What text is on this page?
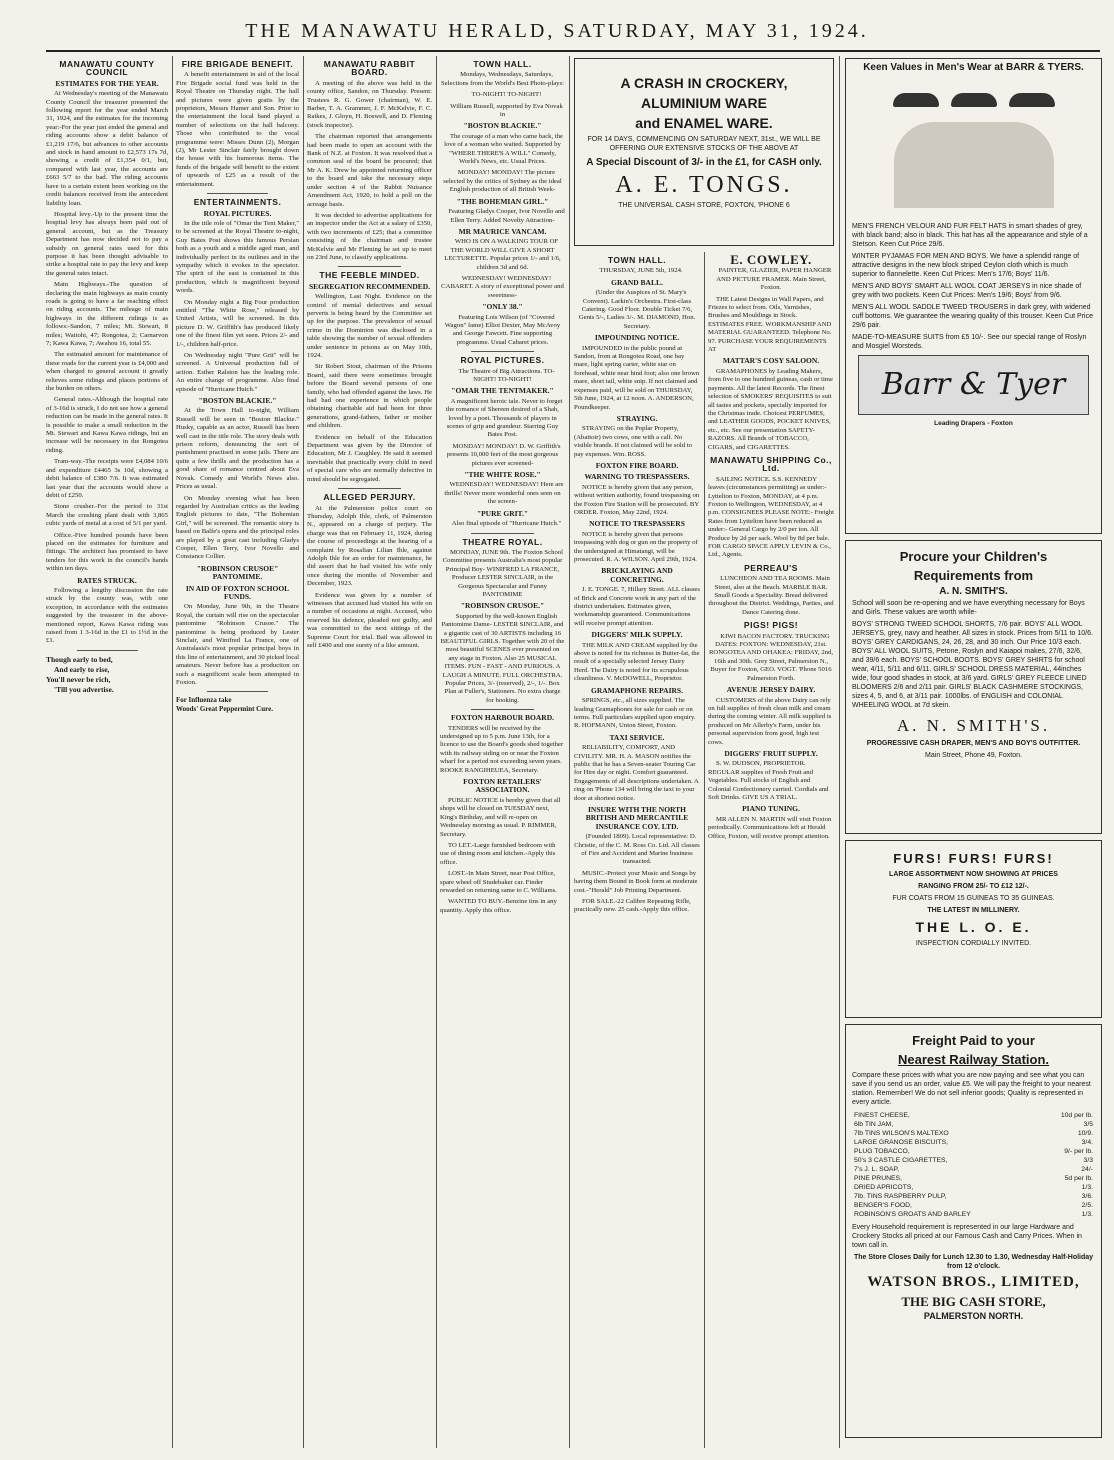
THE MANAWATU HERALD, SATURDAY, MAY 31, 1924.
MANAWATU COUNTY COUNCIL
ESTIMATES FOR THE YEAR.

At Wednesday's meeting of the Manawatu County Council the treasurer presented the following report for the year ended March 31, 1924, and the estimates for the incoming year:-For the year just ended the general and riding accounts show a debit balance of £1,219 17/6, but advances to other accounts and stock in hand amount to £2,573 17s 7d, showing a credit of £1,354 0/1, but, compared with last year, the accounts are £663 5/7 to the bad. The riding accounts have to a certain extent been working on the credit balances received from the antecedent liability loan.

Hospital levy.-Up to the present time the hospital levy has always been paid out of general account, but as the Treasury Department has now decided not to pay a subsidy on general rates used for this purpose it has been thought advisable to strike a hospital rate to pay the levy and keep the general rates intact.

Main Highways.-The question of declaring the main highways as main county roads is going to have a far reaching effect on riding accounts. The mileage of main highways in the different ridings is as follows:-Sandon, 7 miles; Mt. Stewart, 8 miles; Waitohi, 47; Rongotea, 2; Carnarvon 7; Kawa Kawa, 7; Awahou 16, total 55.

The estimated amount for maintenance of these roads for the current year is £4,000 and when charged to general account it greatly relieves some ridings and places portions of the burden on others.

General rates.-Although the hospital rate of 3-16d is struck, I do not see how a general reduction can be made in the general rates. It is possible to make a small reduction in the Mt. Stewart and Kawa Kawa ridings, but an increase will be necessary in the Rongotea riding.

Tram-way.-The receipts were £4,084 10/6 and expenditure £4465 3s 10d, showing a debit balance of £380 7/6. It was estimated last year that the accounts would show a debit of £250.

Stone crusher.-For the period to 31st March the crushing plant dealt with 3,865 cubic yards of metal at a cost of 5/1 per yard.

Office.-Five hundred pounds have been placed on the estimates for furniture and fittings. The architect has promised to have tenders for this work in the council's hands within ten days.

RATES STRUCK.

Following a lengthy discussion the rate struck by the county was, with one exception, in accordance with the estimates suggested by the treasurer in the above-mentioned report, Kawa Kawa riding was raised from 1 3-16d in the £1 to 1½d in the £1.

Though early to bed,
And early to rise,
You'll never be rich,
'Till you advertise.
FIRE BRIGADE BENEFIT.

A benefit entertainment in aid of the local Fire Brigade social fund was held in the Royal Theatre on Thursday night. The hall and pictures were given gratis by the proprietors, Messrs Hamer and Son. Prior to the entertainment the local band played a number of selections on the hall balcony. Those who contributed to the vocal programme were: Misses Dunn (2), Morgan (2), Mr Lester Sinclair fairly brought down the house with his humorous items. The funds of the brigade will benefit to the extent of upwards of £25 as a result of the entertainment.

ENTERTAINMENTS.
ROYAL PICTURES.

In the title role of "Omar the Tent Maker," to be screened at the Royal Theatre to-night, Guy Bates Post shows this famous Persian both as a youth and a middle aged man, and individually perfect in its outlines and in the sympathy which it evokes in the spectator. The spirit of the east is contained in this production, which is magnificent beyond words.

On Monday night a Big Four production entitled "The White Rose," released by United Artists, will be screened. In this picture D. W. Griffith's has produced likely one of the finest film yet seen. Prices 2/- and 1/-, children half-price.

On Wednesday night "Pure Grit" will be screened. A Universal production full of action. Esther Ralston has the leading role. An entire change of programme. Also final episode of "Hurricane Hutch."

"BOSTON BLACKIE."

At the Town Hall to-night, William Russell will be seen in "Boston Blackie." Husky, capable as an actor, Russell has been well cast in the title role. The story deals with prison reform, denouncing the sort of punishment practised in some jails. There are quite a few thrills and the production has a good share of romance centred about Eva Novak. Comedy and World's News also. Prices as usual.

On Monday evening what has been regarded by Australian critics as the leading English pictures to date, "The Bohemian Girl," will be screened. The romantic story is based on Balfe's opera and the principal roles are played by a great cast including Gladys Cooper, Ellen Terry, Ivor Novello and Constance Collier.

"ROBINSON CRUSOE" PANTOMIME.
IN AID OF FOXTON SCHOOL FUNDS.

On Monday, June 9th, in the Theatre Royal, the curtain will rise on the spectacular pantomime "Robinson Crusoe." The pantomime is being produced by Lester Sinclair, and Winifred La France, one of Australasia's most popular principal boys in this line of entertainment, and 30 picked local amateurs. Never before has a production on such a magnificent scale been attempted in Foxton.

For Influenza take
Woods' Great Peppermint Cure.
MANAWATU RABBIT BOARD.

A meeting of the above was held in the county office, Sandon, on Thursday. Present: Trustees R. G. Gower (chairman), W. E. Barber, T. A. Grammer, J. F. McKelvie, F. C. Raikes, J. Gloyn, H. Boswell, and D. Fleming (stock inspector).

The chairman reported that arrangements had been made to open an account with the Bank of N.Z. at Foxton. It was resolved that a common seal of the board be procured; that Mr A. K. Drew be appointed returning officer to the board and take the necessary steps under section 4 of the Rabbit Nuisance Amendment Act, 1920, to hold a poll on the acreage basis.

It was decided to advertise applications for an inspector under the Act at a salary of £350, with two increments of £25; that a committee consisting of the chairman and trustee McKelvie and Mr Fleming be set up to meet on 23rd June, to classify applications.

THE FEEBLE MINDED.
SEGREGATION RECOMMENDED.

Wellington, Last Night. Evidence on the control of mental defectives and sexual perverts is being heard by the Committee set up for the purpose. The prevalence of sexual crime in the Dominion was disclosed in a table showing the number of sexual offenders under sentence in prisons as on May 10th, 1924.

Sir Robert Stout, chairman of the Prisons Board, said there were sometimes brought before the Board several persons of one family, who had offended against the laws. He had had one experience in which people obtaining charitable aid had been for three generations, grand-fathers, father or mother and children.

Evidence on behalf of the Education Department was given by the Director of Education, Mr J. Caughley. He said it seemed inevitable that practically every child in need of special care who are normally defective in mind should be segregated.

ALLEGED PERJURY.

At the Palmerston police court on Thursday, Adolph Ihle, clerk, of Palmerston N., appeared on a charge of perjury. The charge was that on February 11, 1924, during the course of proceedings at the hearing of a complaint by Rosalian Lilian Ihle, against Adolph Ihle for an order for maintenance, he did assert that he had visited his wife only once during the months of November and December, 1923.

Evidence was given by a number of witnesses that accused had visited his wife on a number of occasions at night. Accused, who reserved his defence, pleaded not guilty, and was committed to the next sittings of the Supreme Court for trial. Bail was allowed in self £400 and one surety of a like amount.

TOWN HALL.

Mondays, Wednesdays, Saturdays, Selections from the World's Best Photo-plays:

TO-NIGHT! TO-NIGHT!

William Russell, supported by Eva Novak in

"BOSTON BLACKIE."

The courage of a man who came back, the love of a woman who waited. Supported by "WHERE THERE'S A WILL" Comedy, World's News, etc. Usual Prices.

MONDAY! MONDAY! The picture selected by the critics of Sydney as the ideal English production of all British Week-

"THE BOHEMIAN GIRL."

Featuring Gladys Cooper, Ivor Novello and Ellen Terry. Added Novelty Attraction-

MR MAURICE VANCAM.

WHO IS ON A WALKING TOUR OF THE WORLD WILL GIVE A SHORT LECTURETTE. Popular prices 1/- and 1/6, children 3d and 6d.

WEDNESDAY! WEDNESDAY! CABARET. A story of exceptional power and sweetness-

"ONLY 38."

Featuring Lois Wilson (of "Covered Wagon" fame) Elliot Dexter, May McAvoy and George Fawcett. Fine supporting programme. Usual Cabaret prices.

ROYAL PICTURES.

The Theatre of Big Attractions. TO-NIGHT! TO-NIGHT!

"OMAR THE TENTMAKER."

A magnificent heroic tale. Never to forget the romance of Shereen desired of a Shah, loved by a poet. Thousands of players in scenes of grip and grandeur. Starring Guy Bates Post.

MONDAY! MONDAY! D. W. Griffith's presents 10,000 feet of the most gorgeous pictures ever screened-

"THE WHITE ROSE."

WEDNESDAY! WEDNESDAY! Here are thrills! Never more wonderful ones seen on the screen-

"PURE GRIT."

Also final episode of "Hurricane Hutch."

THEATRE ROYAL.

MONDAY, JUNE 9th. The Foxton School Committee presents Australia's most popular Principal Boy- WINIFRED LA FRANCE, Producer LESTER SINCLAIR, in the Gorgeous Spectacular and Funny PANTOMIME

"ROBINSON CRUSOE."

Supported by the well-known English Pantomime Dame- LESTER SINCLAIR, and a gigantic cast of 30 ARTISTS including 16 BEAUTIFUL GIRLS. Together with 20 of the most beautiful SCENES ever presented on any stage in Foxton. Also 25 MUSICAL ITEMS. FUN - FAST - AND FURIOUS. A LAUGH A MINUTE. FULL ORCHESTRA. Popular Prices, 3/- (reserved), 2/-, 1/-. Box Plan at Fuller's, Stationers. No extra charge for booking.

FOXTON HARBOUR BOARD.

TENDERS will be received by the undersigned up to 5 p.m. June 13th, for a licence to use the Board's goods shed together with its railway siding on or near the Foxton wharf for a period not exceeding seven years. ROOKE RANGIHEUEA, Secretary.

FOXTON RETAILERS' ASSOCIATION.

PUBLIC NOTICE is hereby given that all shops will be closed on TUESDAY next, King's Birthday, and will re-open on Wednesday morning as usual. P. RIMMER, Secretary.

TO LET.-Large furnished bedroom with use of dining room and kitchen.-Apply this office.

LOST.-In Main Street, near Post Office, spare wheel off Studebaker car. Finder rewarded on returning same to C. Williams.

WANTED TO BUY.-Benzine tins in any quantity. Apply this office.

A CRASH IN CROCKERY,

ALUMINIUM WARE

and ENAMEL WARE.

FOR 14 DAYS, COMMENCING ON SATURDAY NEXT, 31st., WE WILL BE OFFERING OUR EXTENSIVE STOCKS OF THE ABOVE AT

A Special Discount of 3/- in the £1, for CASH only.

A. E. TONGS.

THE UNIVERSAL CASH STORE, FOXTON, 'PHONE 6

TOWN HALL.

THURSDAY, JUNE 5th, 1924.

GRAND BALL.

(Under the Auspices of St. Mary's Convent). Larkin's Orchestra. First-class Catering. Good Floor. Double Ticket 7/6, Gents 5/-, Ladies 3/-. M. DIAMOND, Hon. Secretary.

IMPOUNDING NOTICE.

IMPOUNDED in the public pound at Sandon, from at Rongotea Road, one bay mare, light spring carter, white star on forehead, white near hind foot; also one brown mare, short tail, white snip. If not claimed and expenses paid, will be sold on THURSDAY, 5th June, 1924, at 12 noon. A. ANDERSON, Poundkeeper.

STRAYING.

STRAYING on the Poplar Property, (Abattoir) two cows, one with a calf. No visible brands. If not claimed will be sold to pay expenses. Wm. ROSS.

FOXTON FIRE BOARD.
WARNING TO TRESPASSERS.

NOTICE is hereby given that any person, without written authority, found trespassing on the Foxton Fire Station will be prosecuted. BY ORDER. Foxton, May 22nd, 1924.

NOTICE TO TRESPASSERS

NOTICE is hereby given that persons trespassing with dog or gun on the property of the undersigned at Himatangi, will be prosecuted. R. A. WILSON. April 29th, 1924.

BRICKLAYING AND CONCRETING.

J. E. TONGE. 7, Hillary Street. ALL classes of Brick and Concrete work in any part of the district undertaken. Estimates given, workmanship guaranteed. Communications will receive prompt attention.

DIGGERS' MILK SUPPLY.

THE MILK AND CREAM supplied by the above is noted for its richness in Butter-fat, the result of a specially selected Jersey Dairy Herd. The Dairy is noted for its scrupulous cleanliness. V. McDOWELL, Proprietor.

GRAMAPHONE REPAIRS.

SPRINGS, etc., all sizes supplied. The leading Gramaphones for sale for cash or on terms. Full particulars supplied upon enquiry. R. HOFMANN, Union Street, Foxton.

TAXI SERVICE.

RELIABILITY, COMFORT, AND CIVILITY. MR. H. A. MASON notifies the public that he has a Seven-seater Touring Car for Hire day or night. Comfort guaranteed. Engagements of all descriptions undertaken. A ring on 'Phone 134 will bring the taxi to your door at shortest notice.

INSURE WITH THE NORTH BRITISH AND MERCANTILE INSURANCE COY. LTD.

(Founded 1809). Local representative: D. Christie, of the C. M. Ross Co. Ltd. All classes of Fire and Accident and Marine business transacted.

MUSIC.-Protect your Music and Songs by having them Bound in Book form at moderate cost.-"Herald" Job Printing Department.

FOR SALE.-22 Calibre Repeating Rifle, practically new. 25 cash.-Apply this office.

E. COWLEY.

PAINTER, GLAZIER, PAPER HANGER AND PICTURE FRAMER. Main Street, Foxton.

THE Latest Designs in Wall Papers, and Friezes to select from. Oils, Varnishes, Brushes and Mouldings in Stock. ESTIMATES FREE. WORKMANSHIP AND MATERIAL GUARANTEED. Telephone No. 97. PURCHASE YOUR REQUIREMENTS AT

MATTAR'S COSY SALOON.

GRAMAPHONES by Leading Makers, from five to one hundred guineas, cash or time payments. All the latest Records. The finest selection of SMOKERS' REQUISITES to suit all tastes and pockets, specially imported for the Christmas trade. Choicest PERFUMES, and LEATHER GOODS, POCKET KNIVES, etc., etc. See our presentation SAFETY-RAZORS. All Brands of TOBACCO, CIGARS, and CIGARETTES.

MANAWATU SHIPPING Co., Ltd.

SAILING NOTICE. S.S. KENNEDY leaves (circumstances permitting) as under:- Lyttelton to Foxton, MONDAY, at 4 p.m. Foxton to Wellington, WEDNESDAY, at 4 p.m. CONSIGNEES PLEASE NOTE:- Freight Rates from Lyttelton have been reduced as under:- General Cargo by 2/0 per ton. All Produce by 2d per sack. Wool by 8d per bale. FOR CARGO SPACE APPLY LEVIN & Co., Ltd., Agents.

PERREAU'S

LUNCHEON AND TEA ROOMS. Main Street, also at the Beach. MARBLE BAR. Small Goods a Speciality. Bread delivered throughout the District. Weddings, Parties, and Dance Catering done.

PIGS! PIGS!

KIWI BACON FACTORY. TRUCKING DATES: FOXTON: WEDNESDAY, 21st. RONGOTEA AND OHAKEA: FRIDAY, 2nd, 16th and 30th. Grey Street, Palmerston N., Buyer for Foxton, GEO. VOGT. 'Phone 5016 Palmerston Forth.

AVENUE JERSEY DAIRY.

CUSTOMERS of the above Dairy can rely on full supplies of fresh clean milk and cream during the coming winter. All milk supplied is produced on Mr Allerby's Farm, under his personal supervision from good, high test cows.

DIGGERS' FRUIT SUPPLY.

S. W. DUDSON, PROPRIETOR. REGULAR supplies of Fresh Fruit and Vegetables. Full stocks of English and Colonial Confectionery carried. Cordials and Soft Drinks. GIVE US A TRIAL.

PIANO TUNING.

MR ALLEN N. MARTIN will visit Foxton periodically. Communications left at Herald Office, Foxton, will receive prompt attention.

Keen Values in Men's Wear at BARR & TYERS.

MEN'S FRENCH VELOUR AND FUR FELT HATS in smart shades of grey, with black band; also in black. This hat has all the appearance and style of a Stetson. Keen Cut Price 29/6.

WINTER PYJAMAS FOR MEN AND BOYS. We have a splendid range of attractive designs in the new block striped Ceylon cloth which is much superior to flannelette. Keen Cut Prices: Men's 17/6; Boys' 11/6.

MEN'S AND BOYS' SMART ALL WOOL COAT JERSEYS in nice shade of grey with two pockets. Keen Cut Prices: Men's 19/6; Boys' from 9/6.

MEN'S ALL WOOL SADDLE TWEED TROUSERS in dark grey, with widened cuff bottoms. We guarantee the wearing quality of this trouser. Keen Cut Price 29/6 pair.

MADE-TO-MEASURE SUITS from £5 10/-. See our special range of Roslyn and Mosgiel Worsteds.

Barr & Tyer

Leading Drapers - Foxton

Procure your Children's

Requirements from

A. N. SMITH'S.

School will soon be re-opening and we have everything necessary for Boys and Girls. These values are worth while-

BOYS' STRONG TWEED SCHOOL SHORTS, 7/6 pair. BOYS' ALL WOOL JERSEYS, grey, navy and heather. All sizes in stock. Prices from 5/11 to 10/6. BOYS' GREY CARDIGANS, 24, 26, 28, and 30 inch. Our Price 10/3 each. BOYS' ALL WOOL SUITS, Petone, Roslyn and Kaiapoi makes, 27/6, 32/6, and 39/6 each. BOYS' SCHOOL BOOTS. BOYS' GREY SHIRTS for school wear, 4/11, 5/11 and 6/11. GIRLS' SCHOOL DRESS MATERIAL, 44inches wide, four good shades in stock, at 3/6 yard. GIRLS' GREY FLEECE LINED BLOOMERS 2/6 and 2/11 pair. GIRLS' BLACK CASHMERE STOCKINGS, sizes 4, 5, and 6, at 3/11 pair. 1000lbs. of ENGLISH and COLONIAL WHEELING WOOL at 7d skein.

A. N. SMITH'S.

PROGRESSIVE CASH DRAPER, MEN'S AND BOY'S OUTFITTER.

Main Street, Phone 49, Foxton.

FURS! FURS! FURS!

LARGE ASSORTMENT NOW SHOWING AT PRICES

RANGING FROM 25/- TO £12 12/-.

FUR COATS FROM 15 GUINEAS TO 35 GUINEAS.

THE LATEST IN MILLINERY.

THE L. O. E.

INSPECTION CORDIALLY INVITED.

Freight Paid to your

Nearest Railway Station.

Compare these prices with what you are now paying and see what you can save if you send us an order, value £5. We will pay the freight to your nearest station. Remember! We do not sell inferior goods; Quality is represented in every article.

FINEST CHEESE,	10d per lb.
6lb TIN JAM,	3/5
7lb TINS WILSON'S MALTEXO	10/9.
LARGE GRANOSE BISCUITS,	3/4.
PLUG TOBACCO,	9/- per lb.
50's 3 CASTLE CIGARETTES,	3/3
7's J. L. SOAP,	24/-
PINE PRUNES,	5d per lb.
DRIED APRICOTS,	1/3.
7lb. TINS RASPBERRY PULP,	3/6.
BENGER'S FOOD,	2/5.
ROBINSON'S GROATS AND BARLEY	1/3.

Every Household requirement is represented in our large Hardware and Crockery Stocks all priced at our Famous Cash and Carry Prices. When in town call in.

The Store Closes Daily for Lunch 12.30 to 1.30, Wednesday Half-Holiday from 12 o'clock.

WATSON BROS., LIMITED,

THE BIG CASH STORE,

PALMERSTON NORTH.
